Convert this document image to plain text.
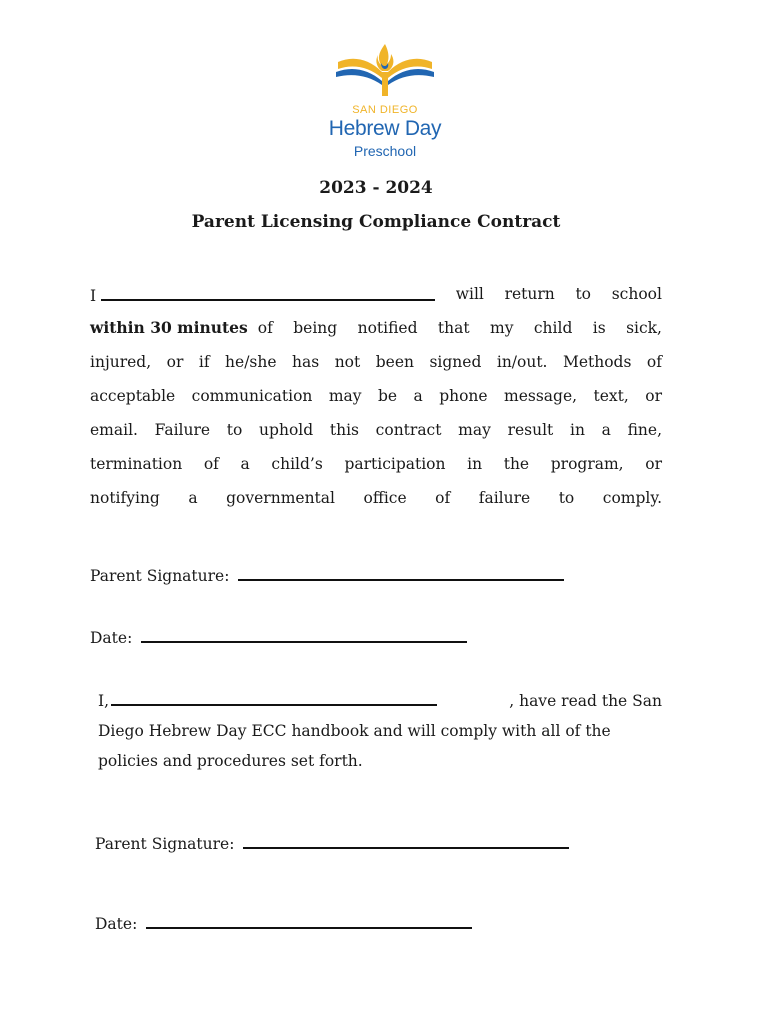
SAN DIEGO
Hebrew Day
Preschool
2023 - 2024
Parent Licensing Compliance Contract
I	will return to school
within 30 minutes of being notified that my child is sick,
injured, or if he/she has not been signed in/out. Methods of
acceptable communication may be a phone message, text, or
email. Failure to uphold this contract may result in a fine,
termination of a child’s participation in the program, or
notifying a governmental office of failure to comply.
Parent Signature:
Date:
I,	, have read the San
Diego Hebrew Day ECC handbook and will comply with all of the
policies and procedures set forth.
Parent Signature:
Date:
